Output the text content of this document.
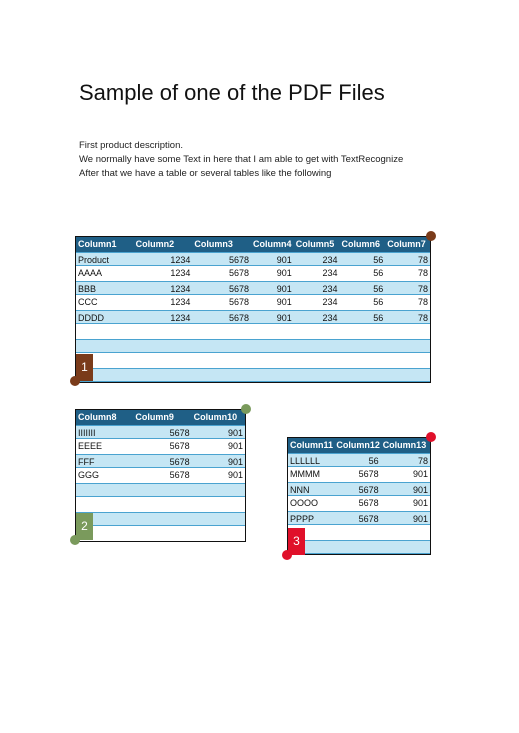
Sample of one of the PDF Files
First product description.
We normally have some Text in here that I am able to get with TextRecognize
After that we have a table or several tables like the following
Column1	Column2	Column3	Column4 Column5 Column6 Column7
Product	1234	5678	901	234	56	78
AAAA	1234	5678	901	234	56	78
BBB	1234	5678	901	234	56	78
CCC	1234	5678	901	234	56	78
DDDD	1234	5678	901	234	56	78
1
Column8	Column9	Column10
IIIIIII	5678	901
EEEE	5678	901
FFF	5678	901
GGG	5678	901
2
Column11 Column12 Column13
LLLLLL	56	78
MMMM	5678	901
NNN	5678	901
OOOO	5678	901
PPPP	5678	901
3
